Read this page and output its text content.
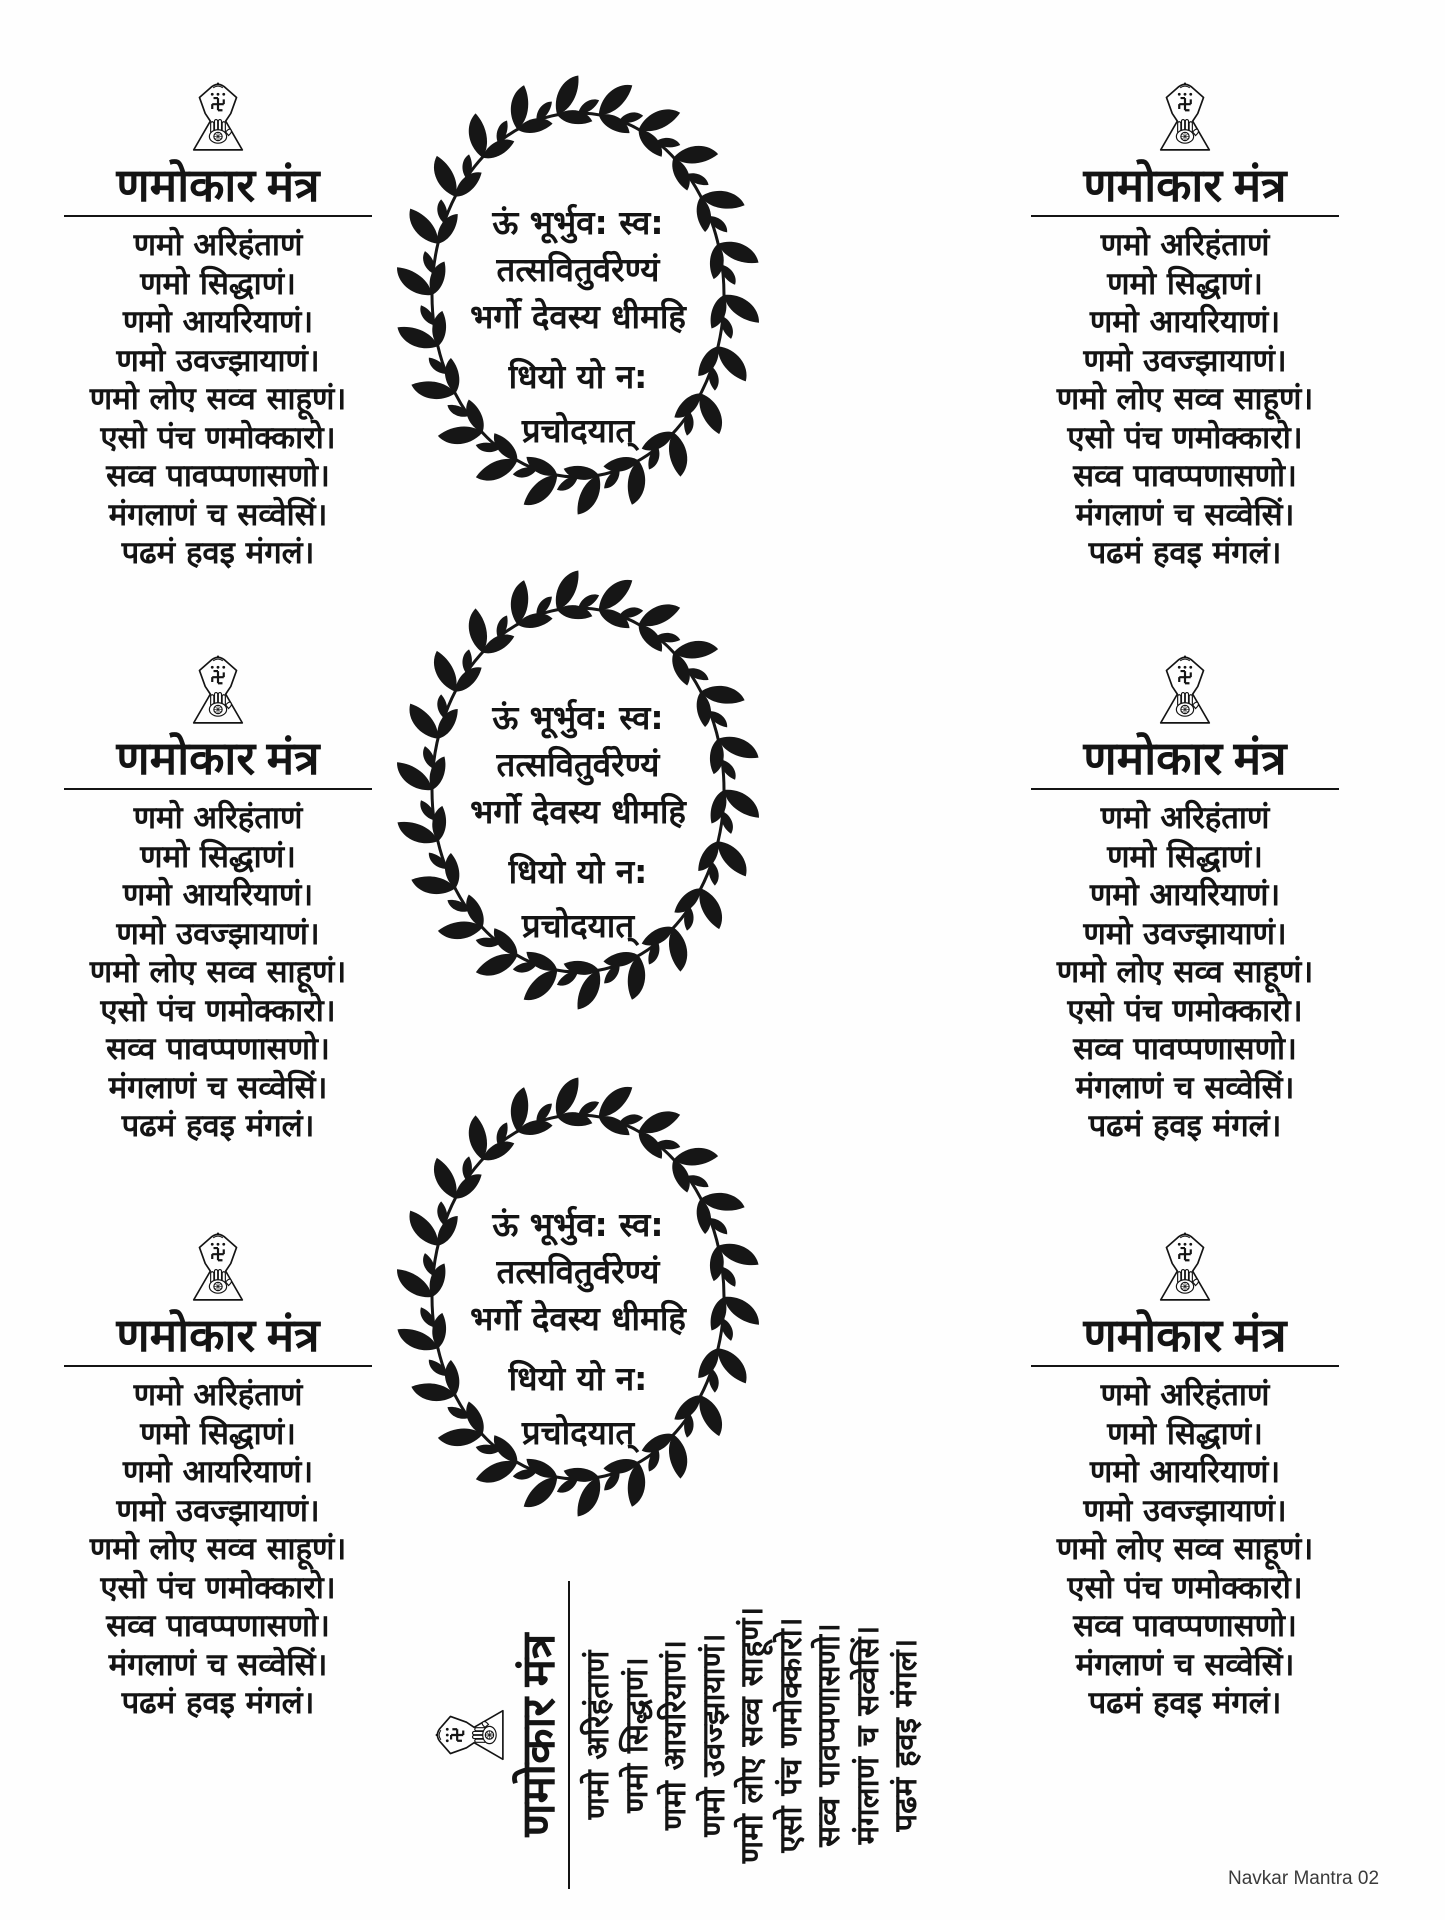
णमोकार मंत्र
णमो अरिहंताणं
णमो सिद्धाणं।
णमो आयरियाणं।
णमो उवज्झायाणं।
णमो लोए सव्व साहूणं।
एसो पंच णमोक्कारो।
सव्व पावप्पणासणो।
मंगलाणं च सव्वेसिं।
पढमं हवइ मंगलं।
णमोकार मंत्र
णमो अरिहंताणं
णमो सिद्धाणं।
णमो आयरियाणं।
णमो उवज्झायाणं।
णमो लोए सव्व साहूणं।
एसो पंच णमोक्कारो।
सव्व पावप्पणासणो।
मंगलाणं च सव्वेसिं।
पढमं हवइ मंगलं।
णमोकार मंत्र
णमो अरिहंताणं
णमो सिद्धाणं।
णमो आयरियाणं।
णमो उवज्झायाणं।
णमो लोए सव्व साहूणं।
एसो पंच णमोक्कारो।
सव्व पावप्पणासणो।
मंगलाणं च सव्वेसिं।
पढमं हवइ मंगलं।
णमोकार मंत्र
णमो अरिहंताणं
णमो सिद्धाणं।
णमो आयरियाणं।
णमो उवज्झायाणं।
णमो लोए सव्व साहूणं।
एसो पंच णमोक्कारो।
सव्व पावप्पणासणो।
मंगलाणं च सव्वेसिं।
पढमं हवइ मंगलं।
णमोकार मंत्र
णमो अरिहंताणं
णमो सिद्धाणं।
णमो आयरियाणं।
णमो उवज्झायाणं।
णमो लोए सव्व साहूणं।
एसो पंच णमोक्कारो।
सव्व पावप्पणासणो।
मंगलाणं च सव्वेसिं।
पढमं हवइ मंगलं।
णमोकार मंत्र
णमो अरिहंताणं
णमो सिद्धाणं।
णमो आयरियाणं।
णमो उवज्झायाणं।
णमो लोए सव्व साहूणं।
एसो पंच णमोक्कारो।
सव्व पावप्पणासणो।
मंगलाणं च सव्वेसिं।
पढमं हवइ मंगलं।
ऊं भूर्भुव: स्व:
तत्सवितुर्वरेण्यं
भर्गो देवस्य धीमहि
धियो यो न:
प्रचोदयात्
ऊं भूर्भुव: स्व:
तत्सवितुर्वरेण्यं
भर्गो देवस्य धीमहि
धियो यो न:
प्रचोदयात्
ऊं भूर्भुव: स्व:
तत्सवितुर्वरेण्यं
भर्गो देवस्य धीमहि
धियो यो न:
प्रचोदयात्
णमोकार मंत्र णमो अरिहंताणं णमो सिद्धाणं। णमो आयरियाणं। णमो उवज्झायाणं। णमो लोए सव्व साहूणं। एसो पंच णमोक्कारो। सव्व पावप्पणासणो। मंगलाणं च सव्वेसिं। पढमं हवइ मंगलं।
Navkar Mantra 02
